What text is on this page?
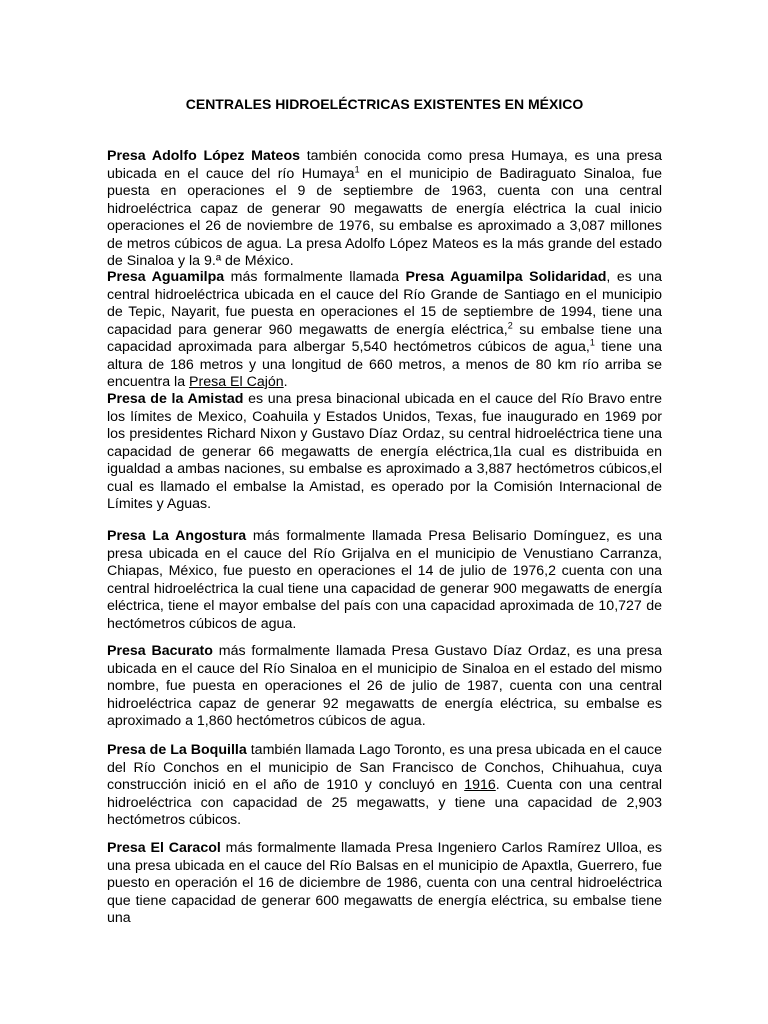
CENTRALES HIDROELÉCTRICAS EXISTENTES EN MÉXICO

Presa Adolfo López Mateos también conocida como presa Humaya, es una presa ubicada en el cauce del río Humaya$^1$ en el municipio de Badiraguato Sinaloa, fue puesta en operaciones el 9 de septiembre de 1963, cuenta con una central hidroeléctrica capaz de generar 90 megawatts de energía eléctrica la cual inicio operaciones el 26 de noviembre de 1976, su embalse es aproximado a 3,087 millones de metros cúbicos de agua. La presa Adolfo López Mateos es la más grande del estado de Sinaloa y la 9.ª de México.

Presa Aguamilpa más formalmente llamada Presa Aguamilpa Solidaridad, es una central hidroeléctrica ubicada en el cauce del Río Grande de Santiago en el municipio de Tepic, Nayarit, fue puesta en operaciones el 15 de septiembre de 1994, tiene una capacidad para generar 960 megawatts de energía eléctrica,$^2$ su embalse tiene una capacidad aproximada para albergar 5,540 hectómetros cúbicos de agua,$^1$ tiene una altura de 186 metros y una longitud de 660 metros, a menos de 80 km río arriba se encuentra la Presa El Cajón.

Presa de la Amistad es una presa binacional ubicada en el cauce del Río Bravo entre los límites de Mexico, Coahuila y Estados Unidos, Texas, fue inaugurado en 1969 por los presidentes Richard Nixon y Gustavo Díaz Ordaz, su central hidroeléctrica tiene una capacidad de generar 66 megawatts de energía eléctrica,1la cual es distribuida en igualdad a ambas naciones, su embalse es aproximado a 3,887 hectómetros cúbicos,el cual es llamado el embalse la Amistad, es operado por la Comisión Internacional de Límites y Aguas.

Presa La Angostura más formalmente llamada Presa Belisario Domínguez, es una presa ubicada en el cauce del Río Grijalva en el municipio de Venustiano Carranza, Chiapas, México, fue puesto en operaciones el 14 de julio de 1976,2 cuenta con una central hidroeléctrica la cual tiene una capacidad de generar 900 megawatts de energía eléctrica, tiene el mayor embalse del país con una capacidad aproximada de 10,727 de hectómetros cúbicos de agua.

Presa Bacurato más formalmente llamada Presa Gustavo Díaz Ordaz, es una presa ubicada en el cauce del Río Sinaloa en el municipio de Sinaloa en el estado del mismo nombre, fue puesta en operaciones el 26 de julio de 1987, cuenta con una central hidroeléctrica capaz de generar 92 megawatts de energía eléctrica, su embalse es aproximado a 1,860 hectómetros cúbicos de agua.

Presa de La Boquilla también llamada Lago Toronto, es una presa ubicada en el cauce del Río Conchos en el municipio de San Francisco de Conchos, Chihuahua, cuya construcción inició en el año de 1910 y concluyó en 1916. Cuenta con una central hidroeléctrica con capacidad de 25 megawatts, y tiene una capacidad de 2,903 hectómetros cúbicos.

Presa El Caracol más formalmente llamada Presa Ingeniero Carlos Ramírez Ulloa, es una presa ubicada en el cauce del Río Balsas en el municipio de Apaxtla, Guerrero, fue puesto en operación el 16 de diciembre de 1986, cuenta con una central hidroeléctrica que tiene capacidad de generar 600 megawatts de energía eléctrica, su embalse tiene una
